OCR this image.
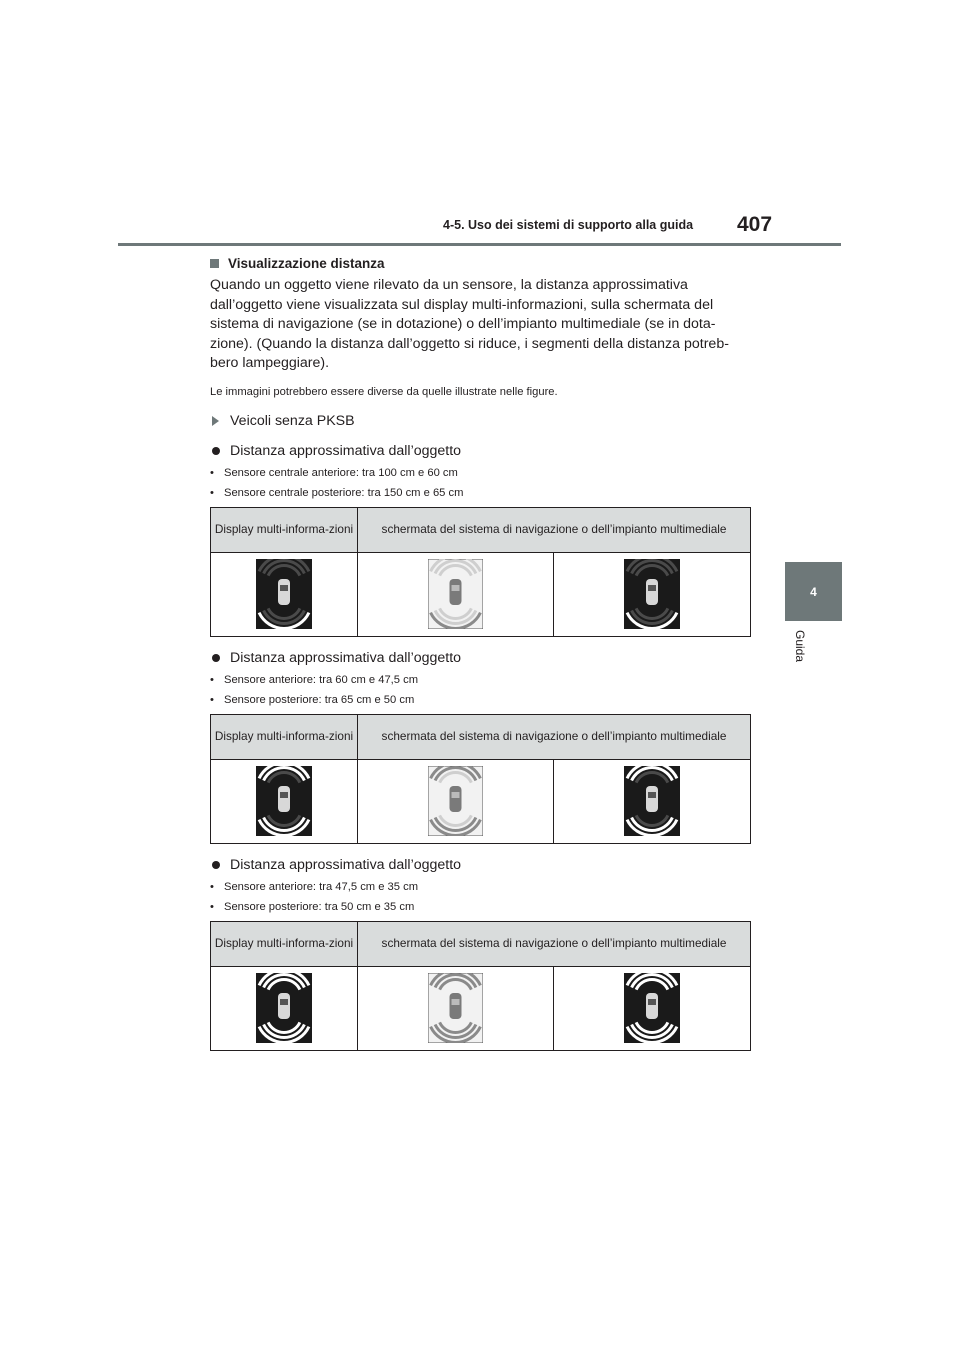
4-5. Uso dei sistemi di supporto alla guida 407
4
Guida
Visualizzazione distanza
Quando un oggetto viene rilevato da un sensore, la distanza approssimativa dall’oggetto viene visualizzata sul display multi-informazioni, sulla schermata del sistema di navigazione (se in dotazione) o dell’impianto multimediale (se in dota-zione). (Quando la distanza dall’oggetto si riduce, i segmenti della distanza potreb-bero lampeggiare).
Le immagini potrebbero essere diverse da quelle illustrate nelle figure.
Veicoli senza PKSB
Distanza approssimativa dall’oggetto
• Sensore centrale anteriore: tra 100 cm e 60 cm
• Sensore centrale posteriore: tra 150 cm e 65 cm
Display multi-informa-zioni	schermata del sistema di navigazione o dell’impianto multimediale	

Distanza approssimativa dall’oggetto
• Sensore anteriore: tra 60 cm e 47,5 cm
• Sensore posteriore: tra 65 cm e 50 cm
Display multi-informa-zioni	schermata del sistema di navigazione o dell’impianto multimediale	

Distanza approssimativa dall’oggetto
• Sensore anteriore: tra 47,5 cm e 35 cm
• Sensore posteriore: tra 50 cm e 35 cm
Display multi-informa-zioni	schermata del sistema di navigazione o dell’impianto multimediale	
